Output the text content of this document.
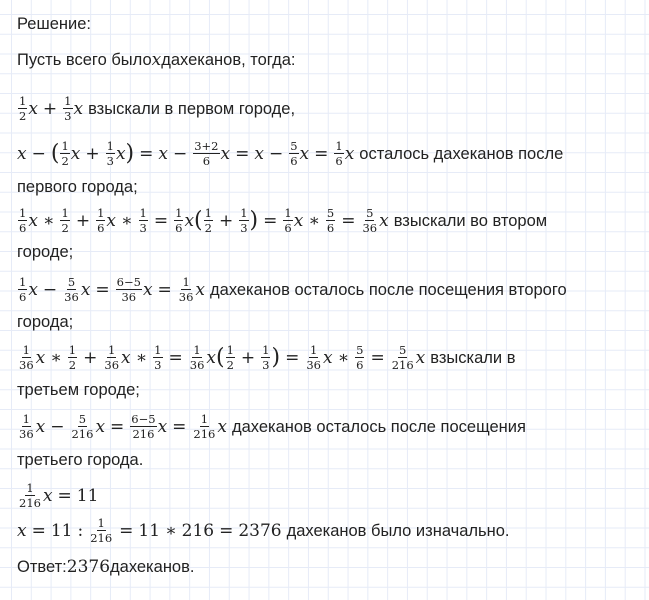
Решение:
Пусть всего было x дахеканов, тогда:
$\frac{1}{2}$ $x + \frac{1}{3}$ x взыскали в первом городе,
x − ( $\frac{1}{2}$ $x + \frac{1}{3}$ x ) = $x - \frac{3+2}{6}$ $x = x - \frac{5}{6}$ $x = \frac{1}{6}$ x осталось дахеканов после
первого города;
$\frac{1}{6}$ x ∗ $\frac{1}{2} + \frac{1}{6}$ x ∗ $\frac{1}{3} = \frac{1}{6}$ x ( $\frac{1}{2} + \frac{1}{3}$ ) = $\frac{1}{6}$ x ∗ $\frac{5}{6} = \frac{5}{36}$ x взыскали во втором
городе;
$\frac{1}{6}$ $x - \frac{5}{36}$ $x = \frac{6-5}{36}$ $x = \frac{1}{36}$ x дахеканов осталось после посещения второго
города;
$\frac{1}{36}$ x ∗ $\frac{1}{2} + \frac{1}{36}$ x ∗ $\frac{1}{3} = \frac{1}{36}$ x ( $\frac{1}{2} + \frac{1}{3}$ ) = $\frac{1}{36}$ x ∗ $\frac{5}{6} = \frac{5}{216}$ x взыскали в
третьем городе;
$\frac{1}{36}$ $x - \frac{5}{216}$ $x = \frac{6-5}{216}$ $x = \frac{1}{216}$ x дахеканов осталось после посещения
третьего города.
$\frac{1}{216}$ x = 11
x = 11 : $\frac{1}{216} = 11$ ∗ 216 = 2376 дахеканов было изначально.
Ответ: 2376 дахеканов.
